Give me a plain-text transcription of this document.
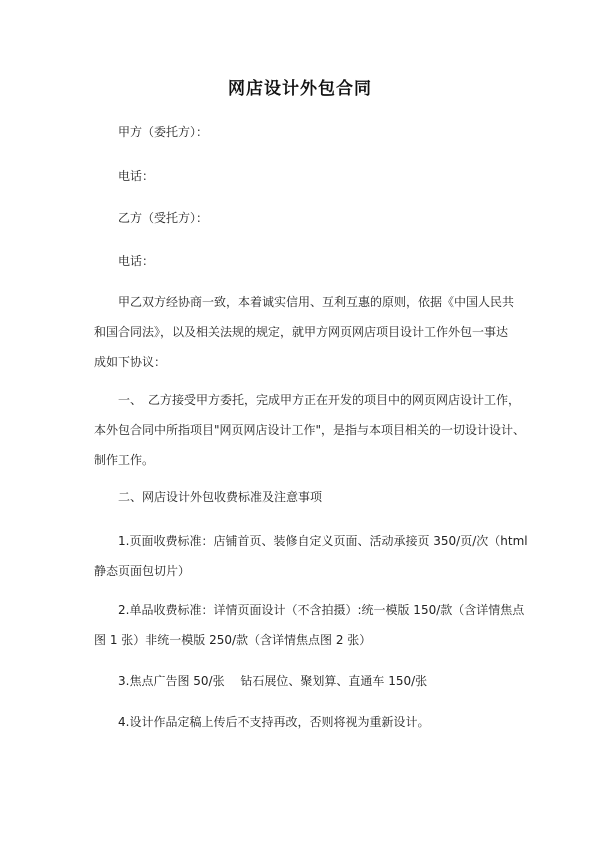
网店设计外包合同
甲方（委托方）：
电话：
乙方（受托方）：
电话：
甲乙双方经协商一致，本着诚实信用、互利互惠的原则，依据《中国人民共
和国合同法》，以及相关法规的规定，就甲方网页网店项目设计工作外包一事达
成如下协议：
一、　乙方接受甲方委托，完成甲方正在开发的项目中的网页网店设计工作，
本外包合同中所指项目"网页网店设计工作"，是指与本项目相关的一切设计设计、
制作工作。
二、网店设计外包收费标准及注意事项
1.页面收费标准：店铺首页、装修自定义页面、活动承接页 350/页/次（html
静态页面包切片）
2.单品收费标准：详情页面设计（不含拍摄）:统一模版 150/款（含详情焦点
图 1 张）非统一模版 250/款（含详情焦点图 2 张）
3.焦点广告图 50/张　 钻石展位、聚划算、直通车 150/张
4.设计作品定稿上传后不支持再改，否则将视为重新设计。
